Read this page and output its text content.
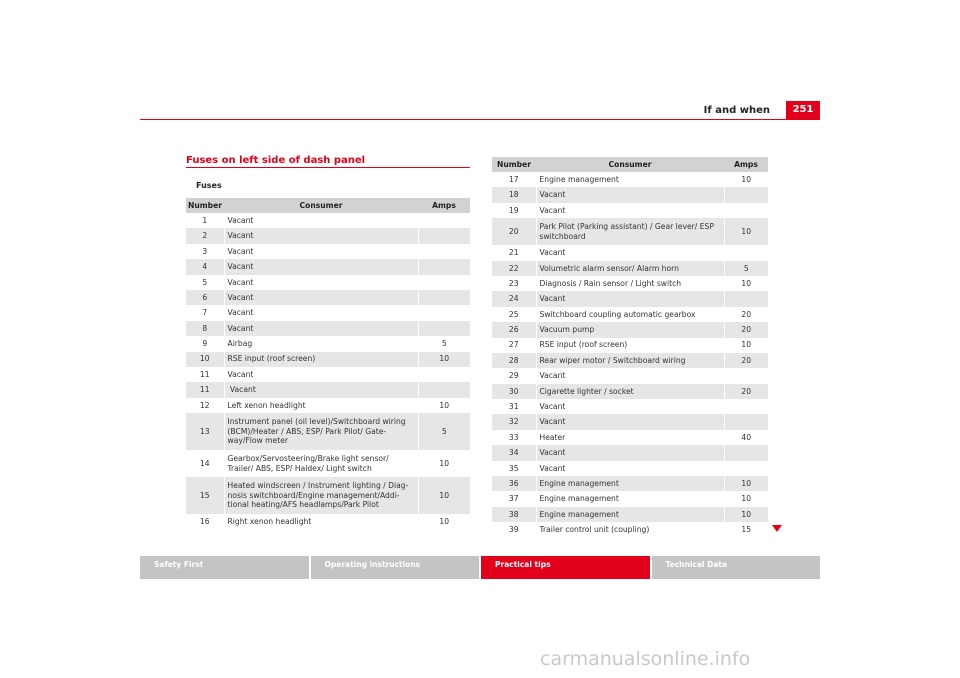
If and when	251
Fuses on left side of dash panel
Fuses
Number	Consumer	Amps
1	Vacant	
2	Vacant	
3	Vacant	
4	Vacant	
5	Vacant	
6	Vacant	
7	Vacant	
8	Vacant	
9	Airbag	5
10	RSE input (roof screen)	10
11	Vacant	
11	Vacant	
12	Left xenon headlight	10
13	Instrument panel (oil level)/Switchboard wiring (BCM)/Heater / ABS, ESP/ Park Pilot/ Gate-way/Flow meter	5
14	Gearbox/Servosteering/Brake light sensor/ Trailer/ ABS, ESP/ Haldex/ Light switch	10
15	Heated windscreen / Instrument lighting / Diag-nosis switchboard/Engine management/Addi-tional heating/AFS headlamps/Park Pilot	10
16	Right xenon headlight	10
Number	Consumer	Amps
17	Engine management	10
18	Vacant	
19	Vacant	
20	Park Pilot (Parking assistant) / Gear lever/ ESP switchboard	10
21	Vacant	
22	Volumetric alarm sensor/ Alarm horn	5
23	Diagnosis / Rain sensor / Light switch	10
24	Vacant	
25	Switchboard coupling automatic gearbox	20
26	Vacuum pump	20
27	RSE input (roof screen)	10
28	Rear wiper motor / Switchboard wiring	20
29	Vacant	
30	Cigarette lighter / socket	20
31	Vacant	
32	Vacant	
33	Heater	40
34	Vacant	
35	Vacant	
36	Engine management	10
37	Engine management	10
38	Engine management	10
39	Trailer control unit (coupling)	15
Safety First	Operating instructions	Practical tips	Technical Data
carmanualsonline.info
